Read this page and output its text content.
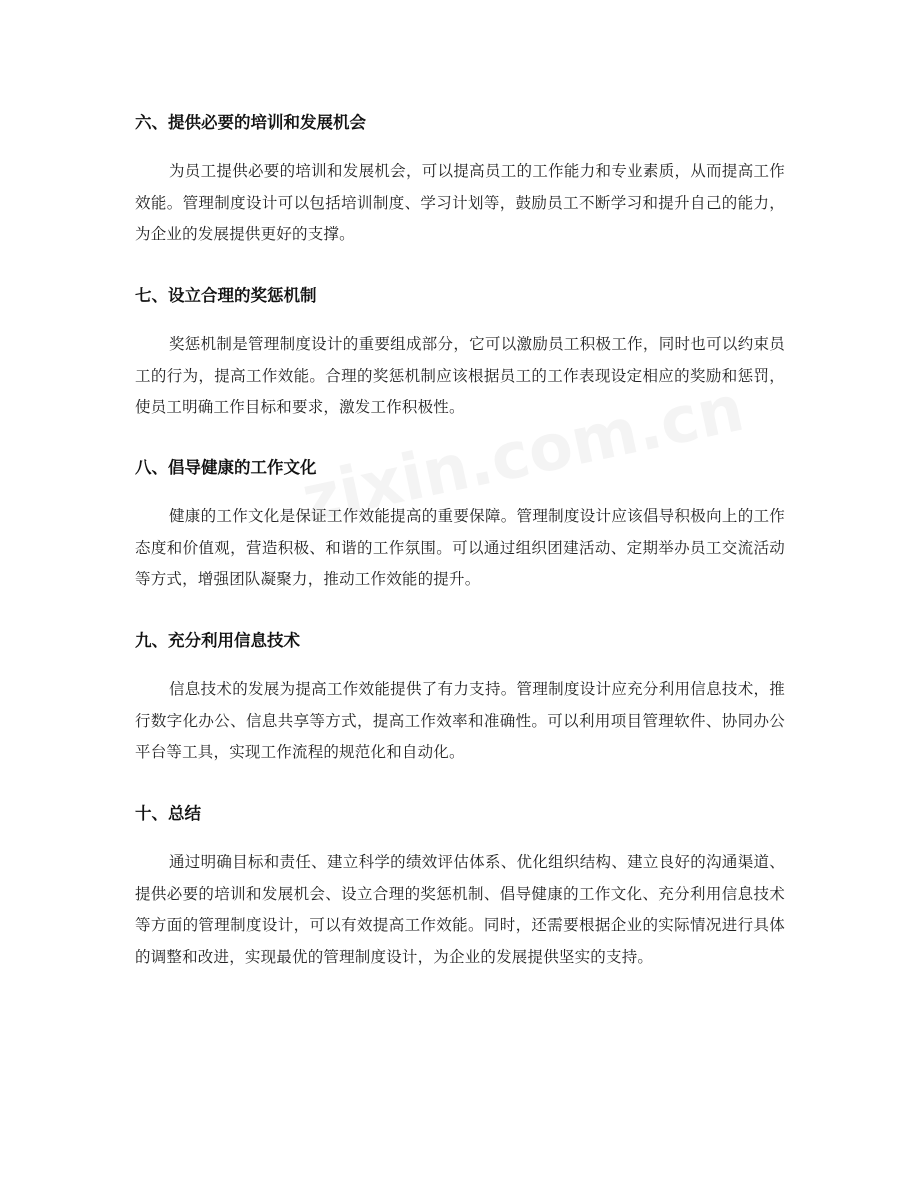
六、提供必要的培训和发展机会

为员工提供必要的培训和发展机会，可以提高员工的工作能力和专业素质，从而提高工作效能。管理制度设计可以包括培训制度、学习计划等，鼓励员工不断学习和提升自己的能力，为企业的发展提供更好的支撑。

七、设立合理的奖惩机制

奖惩机制是管理制度设计的重要组成部分，它可以激励员工积极工作，同时也可以约束员工的行为，提高工作效能。合理的奖惩机制应该根据员工的工作表现设定相应的奖励和惩罚，使员工明确工作目标和要求，激发工作积极性。

八、倡导健康的工作文化

健康的工作文化是保证工作效能提高的重要保障。管理制度设计应该倡导积极向上的工作态度和价值观，营造积极、和谐的工作氛围。可以通过组织团建活动、定期举办员工交流活动等方式，增强团队凝聚力，推动工作效能的提升。

九、充分利用信息技术

信息技术的发展为提高工作效能提供了有力支持。管理制度设计应充分利用信息技术，推行数字化办公、信息共享等方式，提高工作效率和准确性。可以利用项目管理软件、协同办公平台等工具，实现工作流程的规范化和自动化。

十、总结

通过明确目标和责任、建立科学的绩效评估体系、优化组织结构、建立良好的沟通渠道、提供必要的培训和发展机会、设立合理的奖惩机制、倡导健康的工作文化、充分利用信息技术等方面的管理制度设计，可以有效提高工作效能。同时，还需要根据企业的实际情况进行具体的调整和改进，实现最优的管理制度设计，为企业的发展提供坚实的支持。
